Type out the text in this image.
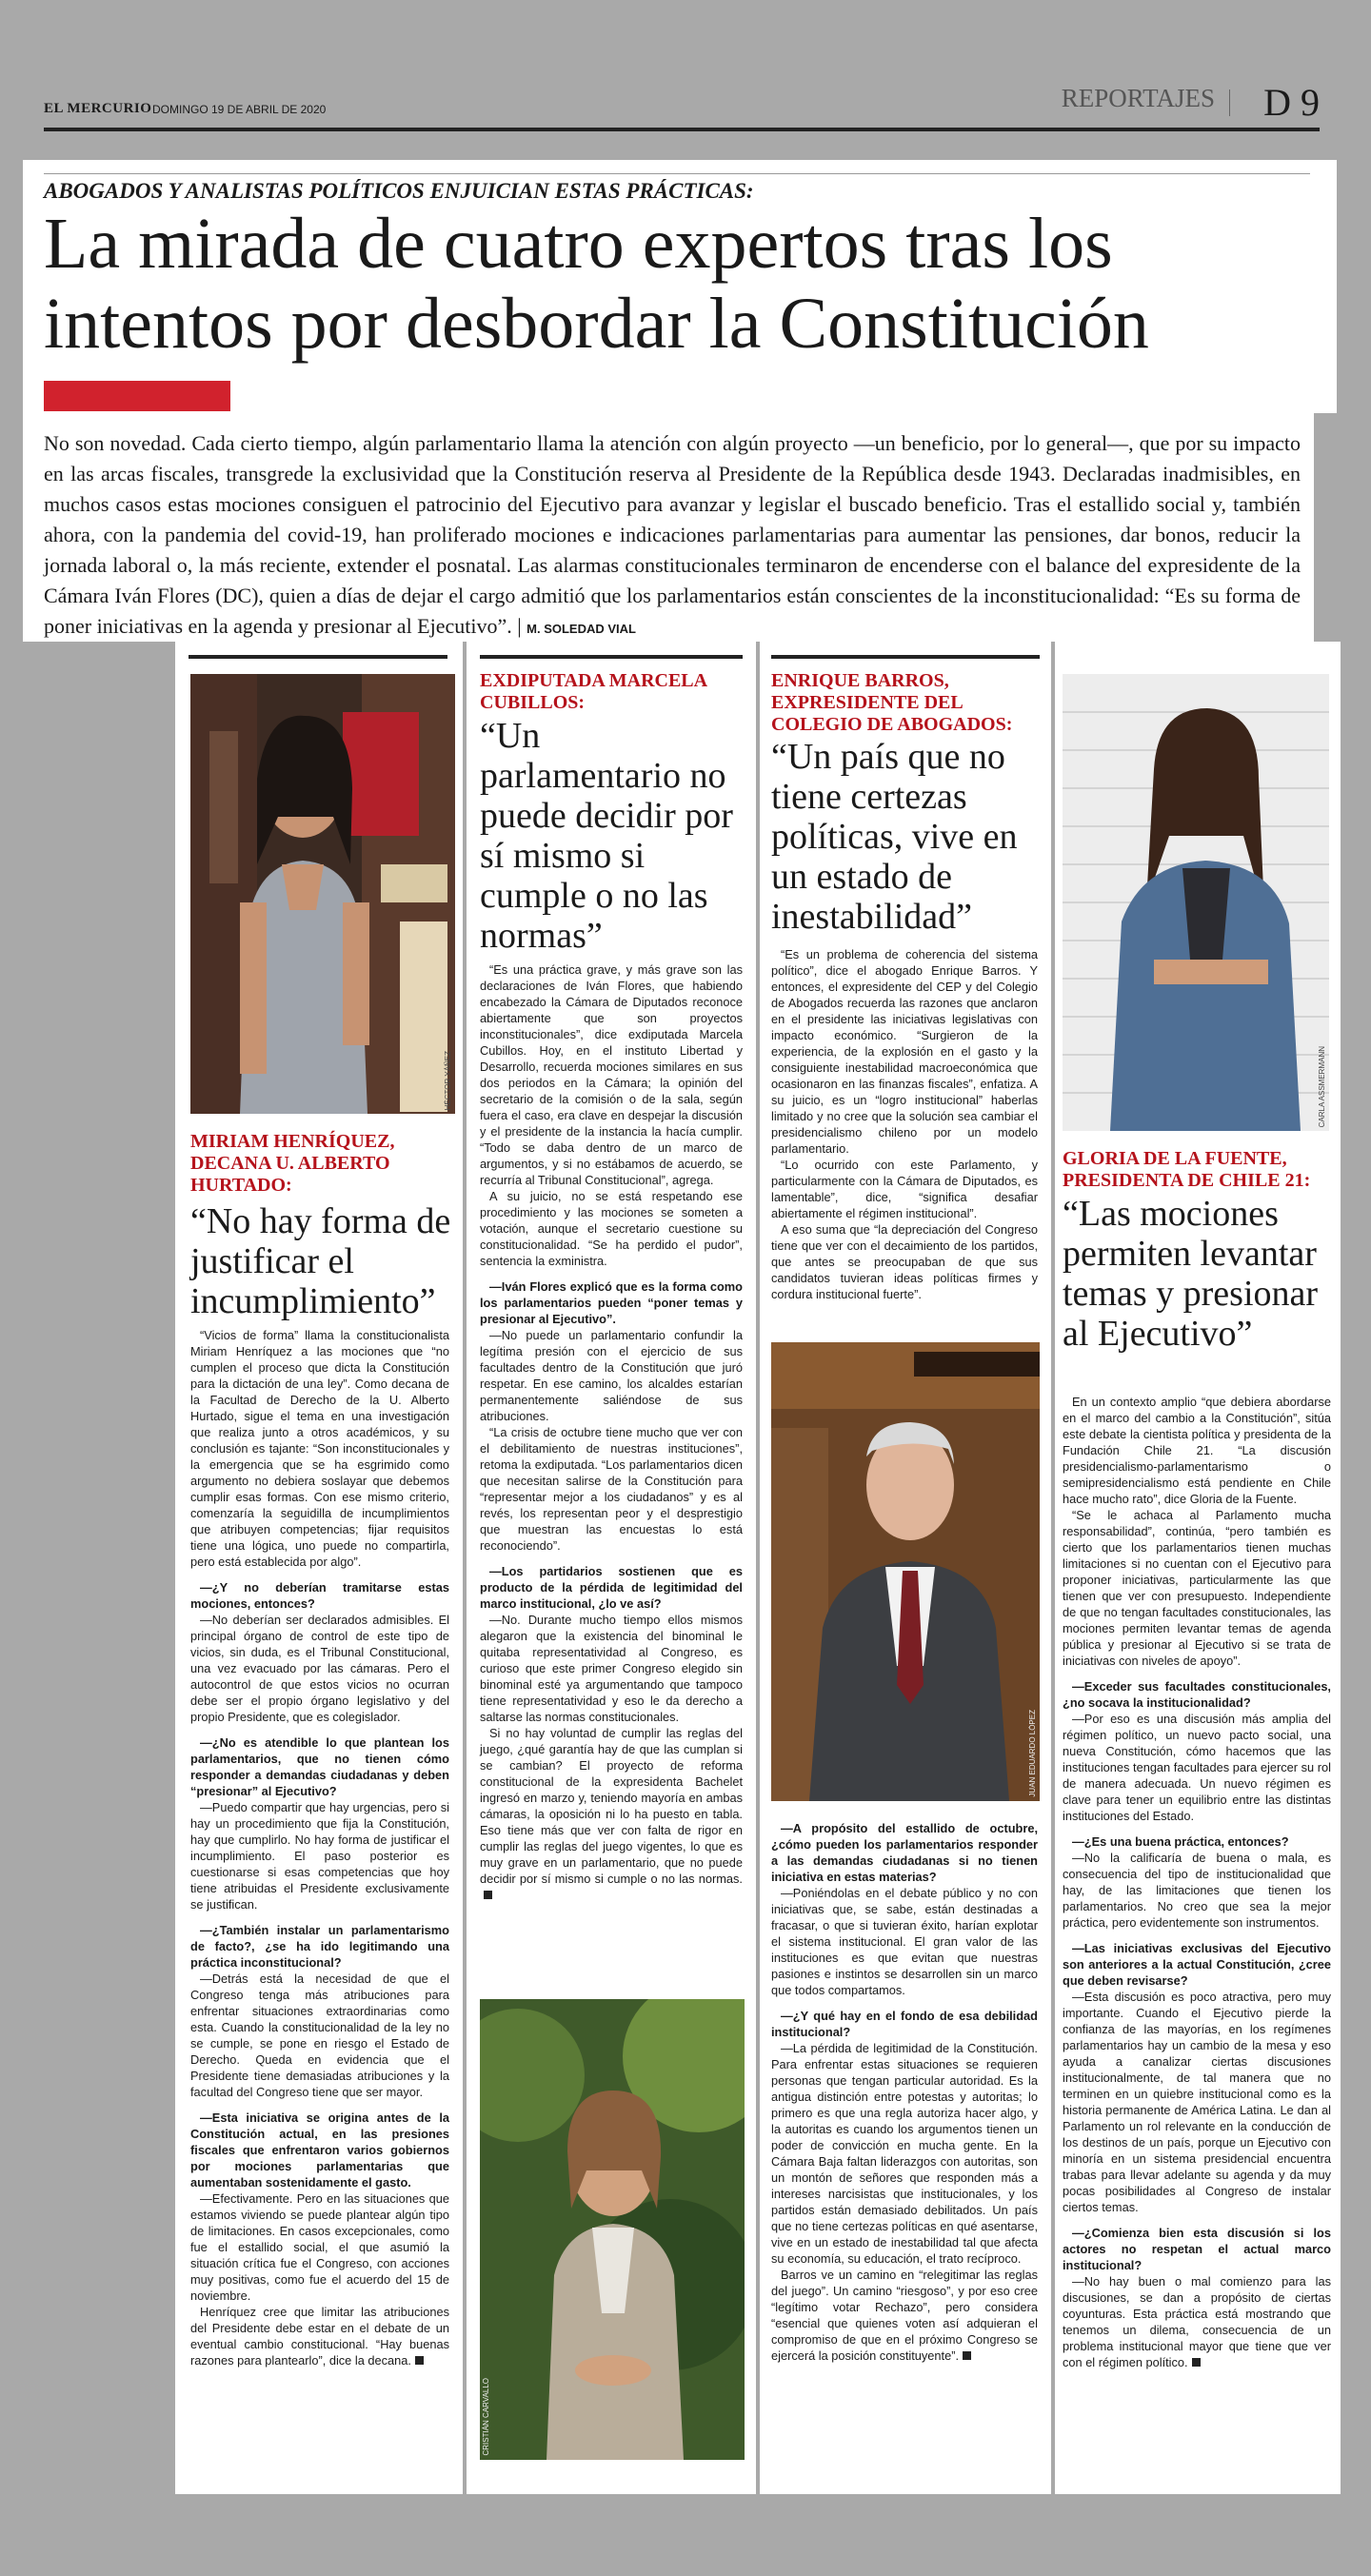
EL MERCURIO DOMINGO 19 DE ABRIL DE 2020	REPORTAJES D 9
ABOGADOS Y ANALISTAS POLÍTICOS ENJUICIAN ESTAS PRÁCTICAS:
La mirada de cuatro expertos tras los intentos por desbordar la Constitución
No son novedad. Cada cierto tiempo, algún parlamentario llama la atención con algún proyecto —un beneficio, por lo general—, que por su impacto en las arcas fiscales, transgrede la exclusividad que la Constitución reserva al Presidente de la República desde 1943. Declaradas inadmisibles, en muchos casos estas mociones consiguen el patrocinio del Ejecutivo para avanzar y legislar el buscado beneficio. Tras el estallido social y, también ahora, con la pandemia del covid-19, han proliferado mociones e indicaciones parlamentarias para aumentar las pensiones, dar bonos, reducir la jornada laboral o, la más reciente, extender el posnatal. Las alarmas constitucionales terminaron de encenderse con el balance del expresidente de la Cámara Iván Flores (DC), quien a días de dejar el cargo admitió que los parlamentarios están conscientes de la inconstitucionalidad: “Es su forma de poner iniciativas en la agenda y presionar al Ejecutivo”. | M. SOLEDAD VIAL
HÉCTOR YÁÑEZ
MIRIAM HENRÍQUEZ, DECANA U. ALBERTO HURTADO:
“No hay forma de justificar el incumplimiento”

“Vicios de forma” llama la constitucionalista Miriam Henríquez a las mociones que “no cumplen el proceso que dicta la Constitución para la dictación de una ley”. Como decana de la Facultad de Derecho de la U. Alberto Hurtado, sigue el tema en una investigación que realiza junto a otros académicos, y su conclusión es tajante: “Son inconstitucionales y la emergencia que se ha esgrimido como argumento no debiera soslayar que debemos cumplir esas formas. Con ese mismo criterio, comenzaría la seguidilla de incumplimientos que atribuyen competencias; fijar requisitos tiene una lógica, uno puede no compartirla, pero está establecida por algo”.

—¿Y no deberían tramitarse estas mociones, entonces?

—No deberían ser declarados admisibles. El principal órgano de control de este tipo de vicios, sin duda, es el Tribunal Constitucional, una vez evacuado por las cámaras. Pero el autocontrol de que estos vicios no ocurran debe ser el propio órgano legislativo y del propio Presidente, que es colegislador.

—¿No es atendible lo que plantean los parlamentarios, que no tienen cómo responder a demandas ciudadanas y deben “presionar” al Ejecutivo?

—Puedo compartir que hay urgencias, pero si hay un procedimiento que fija la Constitución, hay que cumplirlo. No hay forma de justificar el incumplimiento. El paso posterior es cuestionarse si esas competencias que hoy tiene atribuidas el Presidente exclusivamente se justifican.

—¿También instalar un parlamentarismo de facto?, ¿se ha ido legitimando una práctica inconstitucional?

—Detrás está la necesidad de que el Congreso tenga más atribuciones para enfrentar situaciones extraordinarias como esta. Cuando la constitucionalidad de la ley no se cumple, se pone en riesgo el Estado de Derecho. Queda en evidencia que el Presidente tiene demasiadas atribuciones y la facultad del Congreso tiene que ser mayor.

—Esta iniciativa se origina antes de la Constitución actual, en las presiones fiscales que enfrentaron varios gobiernos por mociones parlamentarias que aumentaban sostenidamente el gasto.

—Efectivamente. Pero en las situaciones que estamos viviendo se puede plantear algún tipo de limitaciones. En casos excepcionales, como fue el estallido social, el que asumió la situación crítica fue el Congreso, con acciones muy positivas, como fue el acuerdo del 15 de noviembre.

Henríquez cree que limitar las atribuciones del Presidente debe estar en el debate de un eventual cambio constitucional. “Hay buenas razones para plantearlo”, dice la decana.

EXDIPUTADA MARCELA CUBILLOS:
“Un parlamentario no puede decidir por sí mismo si cumple o no las normas”

“Es una práctica grave, y más grave son las declaraciones de Iván Flores, que habiendo encabezado la Cámara de Diputados reconoce abiertamente que son proyectos inconstitucionales”, dice exdiputada Marcela Cubillos. Hoy, en el instituto Libertad y Desarrollo, recuerda mociones similares en sus dos periodos en la Cámara; la opinión del secretario de la comisión o de la sala, según fuera el caso, era clave en despejar la discusión y el presidente de la instancia la hacía cumplir. “Todo se daba dentro de un marco de argumentos, y si no estábamos de acuerdo, se recurría al Tribunal Constitucional”, agrega.

A su juicio, no se está respetando ese procedimiento y las mociones se someten a votación, aunque el secretario cuestione su constitucionalidad. “Se ha perdido el pudor”, sentencia la exministra.

—Iván Flores explicó que es la forma como los parlamentarios pueden “poner temas y presionar al Ejecutivo”.

—No puede un parlamentario confundir la legítima presión con el ejercicio de sus facultades dentro de la Constitución que juró respetar. En ese camino, los alcaldes estarían permanentemente saliéndose de sus atribuciones.

“La crisis de octubre tiene mucho que ver con el debilitamiento de nuestras instituciones”, retoma la exdiputada. “Los parlamentarios dicen que necesitan salirse de la Constitución para “representar mejor a los ciudadanos” y es al revés, los representan peor y el desprestigio que muestran las encuestas lo está reconociendo”.

—Los partidarios sostienen que es producto de la pérdida de legitimidad del marco institucional, ¿lo ve así?

—No. Durante mucho tiempo ellos mismos alegaron que la existencia del binominal le quitaba representatividad al Congreso, es curioso que este primer Congreso elegido sin binominal esté ya argumentando que tampoco tiene representatividad y eso le da derecho a saltarse las normas constitucionales.

Si no hay voluntad de cumplir las reglas del juego, ¿qué garantía hay de que las cumplan si se cambian? El proyecto de reforma constitucional de la expresidenta Bachelet ingresó en marzo y, teniendo mayoría en ambas cámaras, la oposición ni lo ha puesto en tabla. Eso tiene más que ver con falta de rigor en cumplir las reglas del juego vigentes, lo que es muy grave en un parlamentario, que no puede decidir por sí mismo si cumple o no las normas.

CRISTIÁN CARVALLO
ENRIQUE BARROS, EXPRESIDENTE DEL COLEGIO DE ABOGADOS:
“Un país que no tiene certezas políticas, vive en un estado de inestabilidad”

“Es un problema de coherencia del sistema político”, dice el abogado Enrique Barros. Y entonces, el expresidente del CEP y del Colegio de Abogados recuerda las razones que anclaron en el presidente las iniciativas legislativas con impacto económico. “Surgieron de la experiencia, de la explosión en el gasto y la consiguiente inestabilidad macroeconómica que ocasionaron en las finanzas fiscales”, enfatiza. A su juicio, es un “logro institucional” haberlas limitado y no cree que la solución sea cambiar el presidencialismo chileno por un modelo parlamentario.

“Lo ocurrido con este Parlamento, y particularmente con la Cámara de Diputados, es lamentable”, dice, “significa desafiar abiertamente el régimen institucional”.

A eso suma que “la depreciación del Congreso tiene que ver con el decaimiento de los partidos, que antes se preocupaban de que sus candidatos tuvieran ideas políticas firmes y cordura institucional fuerte”.

JUAN EDUARDO LÓPEZ

—A propósito del estallido de octubre, ¿cómo pueden los parlamentarios responder a las demandas ciudadanas si no tienen iniciativa en estas materias?

—Poniéndolas en el debate público y no con iniciativas que, se sabe, están destinadas a fracasar, o que si tuvieran éxito, harían explotar el sistema institucional. El gran valor de las instituciones es que evitan que nuestras pasiones e instintos se desarrollen sin un marco que todos compartamos.

—¿Y qué hay en el fondo de esa debilidad institucional?

—La pérdida de legitimidad de la Constitución. Para enfrentar estas situaciones se requieren personas que tengan particular autoridad. Es la antigua distinción entre potestas y autoritas; lo primero es que una regla autoriza hacer algo, y la autoritas es cuando los argumentos tienen un poder de convicción en mucha gente. En la Cámara Baja faltan liderazgos con autoritas, son un montón de señores que responden más a intereses narcisistas que institucionales, y los partidos están demasiado debilitados. Un país que no tiene certezas políticas en qué asentarse, vive en un estado de inestabilidad tal que afecta su economía, su educación, el trato recíproco.

Barros ve un camino en “relegitimar las reglas del juego”. Un camino “riesgoso”, y por eso cree “legítimo votar Rechazo”, pero considera “esencial que quienes voten así adquieran el compromiso de que en el próximo Congreso se ejercerá la posición constituyente”.

CARLA ASSMERMANN
GLORIA DE LA FUENTE, PRESIDENTA DE CHILE 21:
“Las mociones permiten levantar temas y presionar al Ejecutivo”

En un contexto amplio “que debiera abordarse en el marco del cambio a la Constitución”, sitúa este debate la cientista política y presidenta de la Fundación Chile 21. “La discusión presidencialismo-parlamentarismo o semipresidencialismo está pendiente en Chile hace mucho rato”, dice Gloria de la Fuente.

“Se le achaca al Parlamento mucha responsabilidad”, continúa, “pero también es cierto que los parlamentarios tienen muchas limitaciones si no cuentan con el Ejecutivo para proponer iniciativas, particularmente las que tienen que ver con presupuesto. Independiente de que no tengan facultades constitucionales, las mociones permiten levantar temas de agenda pública y presionar al Ejecutivo si se trata de iniciativas con niveles de apoyo”.

—Exceder sus facultades constitucionales, ¿no socava la institucionalidad?

—Por eso es una discusión más amplia del régimen político, un nuevo pacto social, una nueva Constitución, cómo hacemos que las instituciones tengan facultades para ejercer su rol de manera adecuada. Un nuevo régimen es clave para tener un equilibrio entre las distintas instituciones del Estado.

—¿Es una buena práctica, entonces?

—No la calificaría de buena o mala, es consecuencia del tipo de institucionalidad que hay, de las limitaciones que tienen los parlamentarios. No creo que sea la mejor práctica, pero evidentemente son instrumentos.

—Las iniciativas exclusivas del Ejecutivo son anteriores a la actual Constitución, ¿cree que deben revisarse?

—Esta discusión es poco atractiva, pero muy importante. Cuando el Ejecutivo pierde la confianza de las mayorías, en los regímenes parlamentarios hay un cambio de la mesa y eso ayuda a canalizar ciertas discusiones institucionalmente, de tal manera que no terminen en un quiebre institucional como es la historia permanente de América Latina. Le dan al Parlamento un rol relevante en la conducción de los destinos de un país, porque un Ejecutivo con minoría en un sistema presidencial encuentra trabas para llevar adelante su agenda y da muy pocas posibilidades al Congreso de instalar ciertos temas.

—¿Comienza bien esta discusión si los actores no respetan el actual marco institucional?

—No hay buen o mal comienzo para las discusiones, se dan a propósito de ciertas coyunturas. Esta práctica está mostrando que tenemos un dilema, consecuencia de un problema institucional mayor que tiene que ver con el régimen político.
